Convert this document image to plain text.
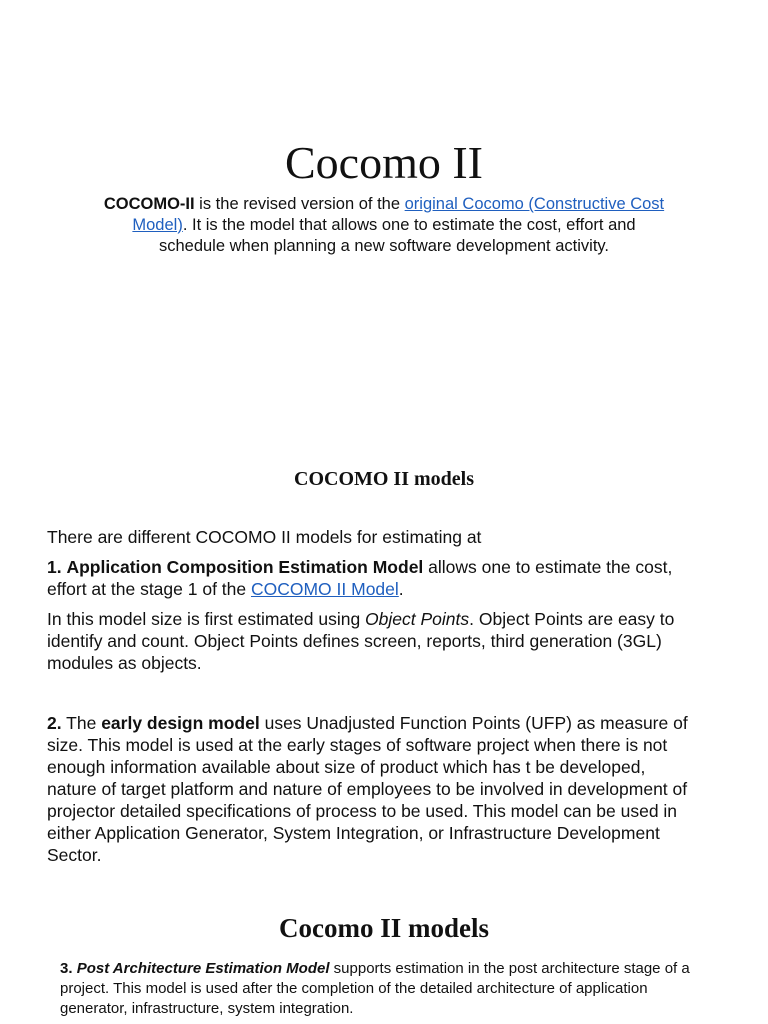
Cocomo II
COCOMO-II is the revised version of the original Cocomo (Constructive Cost Model). It is the model that allows one to estimate the cost, effort and schedule when planning a new software development activity.
COCOMO II models
There are different COCOMO II models for estimating at
1. Application Composition Estimation Model allows one to estimate the cost, effort at the stage 1 of the COCOMO II Model.
In this model size is first estimated using Object Points. Object Points are easy to identify and count. Object Points defines screen, reports, third generation (3GL) modules as objects.
2. The early design model uses Unadjusted Function Points (UFP) as measure of size. This model is used at the early stages of software project when there is not enough information available about size of product which has t be developed, nature of target platform and nature of employees to be involved in development of projector detailed specifications of process to be used. This model can be used in either Application Generator, System Integration, or Infrastructure Development Sector.
Cocomo II models
3. Post Architecture Estimation Model supports estimation in the post architecture stage of a project. This model is used after the completion of the detailed architecture of application generator, infrastructure, system integration.
